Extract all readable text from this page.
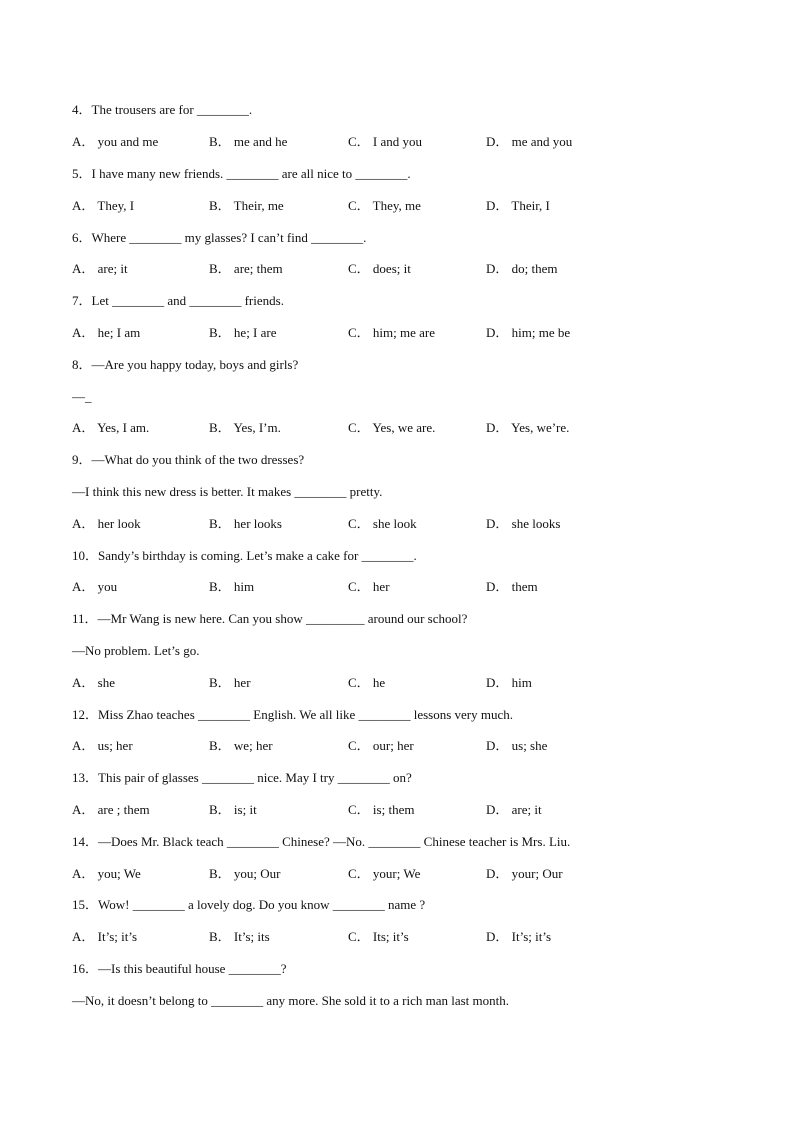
4．The trousers are for ________.
A． you and me	B． me and he	C． I and you	D． me and you
5．I have many new friends. ________ are all nice to ________.
A． They, I	B． Their, me	C． They, me	D． Their, I
6．Where ________ my glasses? I can’t find ________.
A． are; it	B． are; them	C． does; it	D． do; them
7．Let ________ and ________ friends.
A． he; I am	B． he; I are	C． him; me are	D． him; me be
8．—Are you happy today, boys and girls?
—_
A． Yes, I am.	B． Yes, I’m.	C． Yes, we are.	D． Yes, we’re.
9．—What do you think of the two dresses?
—I think this new dress is better. It makes ________ pretty.
A． her look	B． her looks	C． she look	D． she looks
10．Sandy’s birthday is coming. Let’s make a cake for ________.
A． you	B． him	C． her	D． them
11．—Mr Wang is new here. Can you show _________ around our school?
—No problem. Let’s go.
A． she	B． her	C． he	D． him
12．Miss Zhao teaches ________ English. We all like ________ lessons very much.
A． us; her	B． we; her	C． our; her	D． us; she
13．This pair of glasses ________ nice. May I try ________ on?
A． are ; them	B． is; it	C． is; them	D． are; it
14．—Does Mr. Black teach ________ Chinese? —No. ________ Chinese teacher is Mrs. Liu.
A． you; We	B． you; Our	C． your; We	D． your; Our
15．Wow! ________ a lovely dog. Do you know ________ name ?
A． It’s; it’s	B． It’s; its	C． Its; it’s	D． It’s; it’s
16．—Is this beautiful house ________?
—No, it doesn’t belong to ________ any more. She sold it to a rich man last month.
